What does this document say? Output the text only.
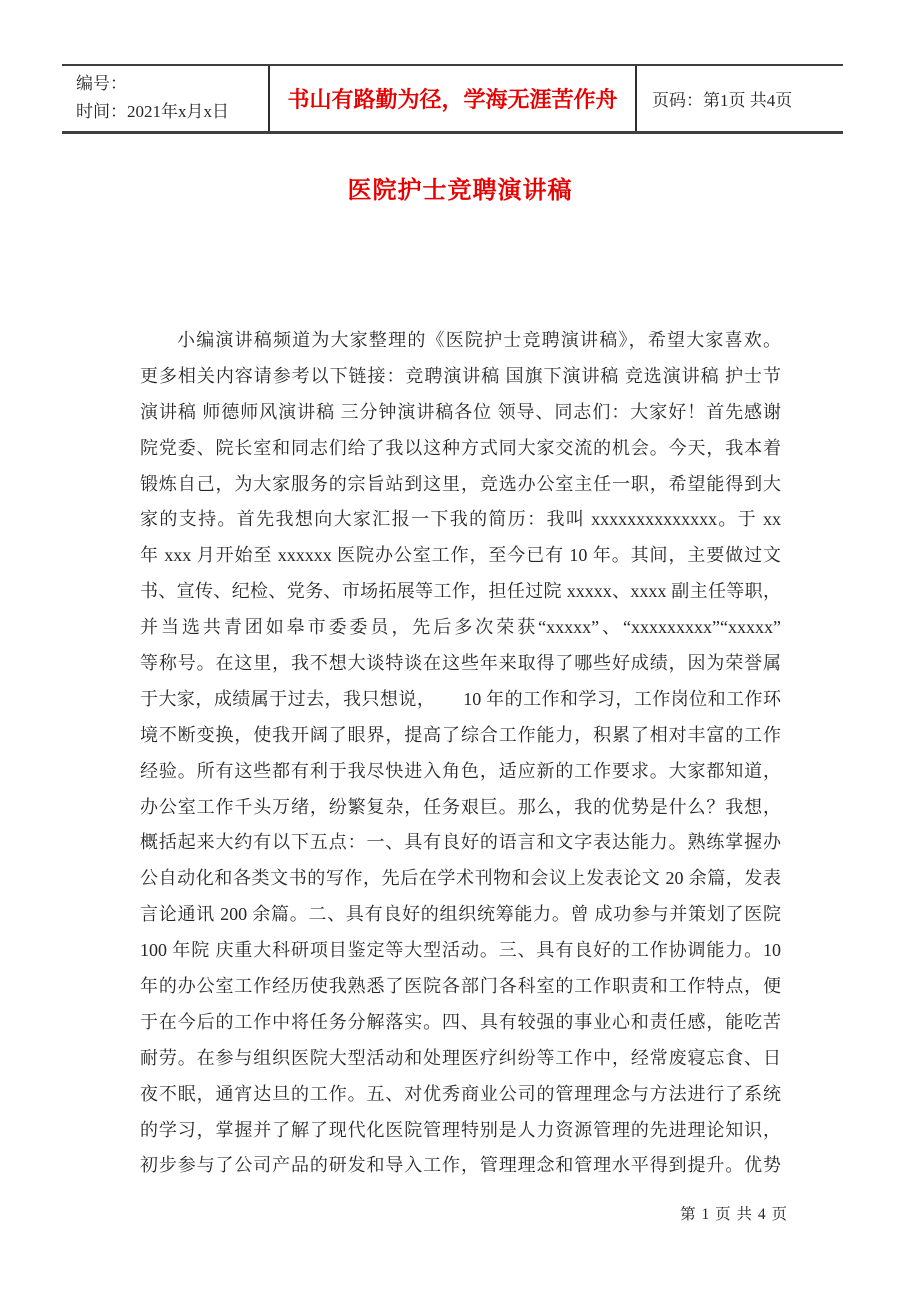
编号：
时间：2021年x月x日	书山有路勤为径，学海无涯苦作舟 页码：第1页 共4页
医院护士竞聘演讲稿
小编演讲稿频道为大家整理的《医院护士竞聘演讲稿》，希望大家喜欢。
更多相关内容请参考以下链接：竞聘演讲稿 国旗下演讲稿 竞选演讲稿 护士节
演讲稿 师德师风演讲稿 三分钟演讲稿各位 领导、同志们：大家好！首先感谢
院党委、院长室和同志们给了我以这种方式同大家交流的机会。今天，我本着
锻炼自己，为大家服务的宗旨站到这里，竞选办公室主任一职，希望能得到大
家的支持。首先我想向大家汇报一下我的简历：我叫 xxxxxxxxxxxxxx。于 xx
年 xxx 月开始至 xxxxxx 医院办公室工作，至今已有 10 年。其间，主要做过文
书、宣传、纪检、党务、市场拓展等工作，担任过院 xxxxx、xxxx 副主任等职，
并当选共青团如皋市委委员，先后多次荣获“xxxxx”、“xxxxxxxxx”“xxxxx”
等称号。在这里，我不想大谈特谈在这些年来取得了哪些好成绩，因为荣誉属
于大家，成绩属于过去，我只想说，　　10 年的工作和学习，工作岗位和工作环
境不断变换，使我开阔了眼界，提高了综合工作能力，积累了相对丰富的工作
经验。所有这些都有利于我尽快进入角色，适应新的工作要求。大家都知道，
办公室工作千头万绪，纷繁复杂，任务艰巨。那么，我的优势是什么？我想，
概括起来大约有以下五点：一、具有良好的语言和文字表达能力。熟练掌握办
公自动化和各类文书的写作，先后在学术刊物和会议上发表论文 20 余篇，发表
言论通讯 200 余篇。二、具有良好的组织统筹能力。曾 成功参与并策划了医院
100 年院 庆重大科研项目鉴定等大型活动。三、具有良好的工作协调能力。10
年的办公室工作经历使我熟悉了医院各部门各科室的工作职责和工作特点，便
于在今后的工作中将任务分解落实。四、具有较强的事业心和责任感，能吃苦
耐劳。在参与组织医院大型活动和处理医疗纠纷等工作中，经常废寝忘食、日
夜不眠，通宵达旦的工作。五、对优秀商业公司的管理理念与方法进行了系统
的学习，掌握并了解了现代化医院管理特别是人力资源管理的先进理论知识，
初步参与了公司产品的研发和导入工作，管理理念和管理水平得到提升。优势
第 1 页 共 4 页
